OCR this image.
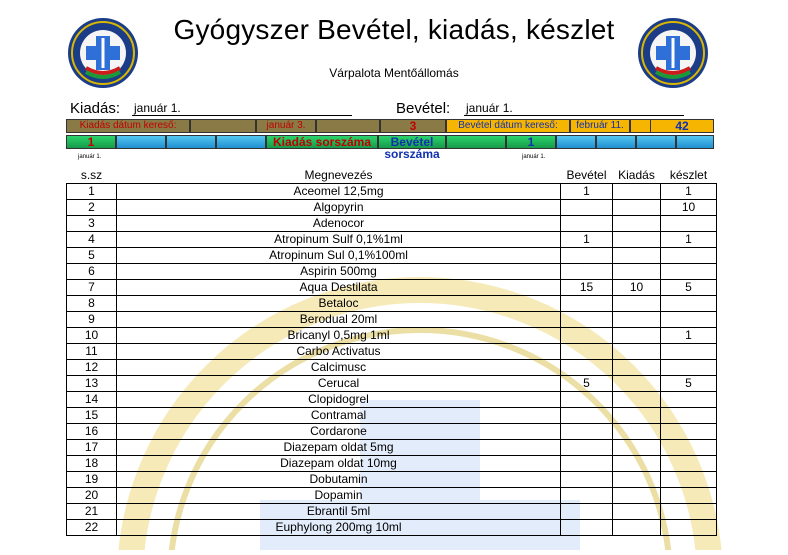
Gyógyszer Bevétel, kiadás, készlet
Várpalota Mentőállomás
Kiadás: január 1.	Bevétel: január 1.
Kiadás dátum kereső:	január 3.	3	Bevétel dátum kereső:	február 11.	42
1	Kiadás sorszáma	Bevétel sorszáma
1
január 1.	január 1.
s.sz	Megnevezés	Bevétel	Kiadás	készlet
1	Aceomel 12,5mg	1		1
2	Algopyrin			10
3	Adenocor			
4	Atropinum Sulf 0,1%1ml	1		1
5	Atropinum Sul 0,1%100ml			
6	Aspirin 500mg			
7	Aqua Destilata	15	10	5
8	Betaloc			
9	Berodual 20ml			
10	Bricanyl 0,5mg 1ml			1
11	Carbo Activatus			
12	Calcimusc			
13	Cerucal	5		5
14	Clopidogrel			
15	Contramal			
16	Cordarone			
17	Diazepam oldat 5mg			
18	Diazepam oldat 10mg			
19	Dobutamin			
20	Dopamin			
21	Ebrantil 5ml			
22	Euphylong 200mg 10ml			
